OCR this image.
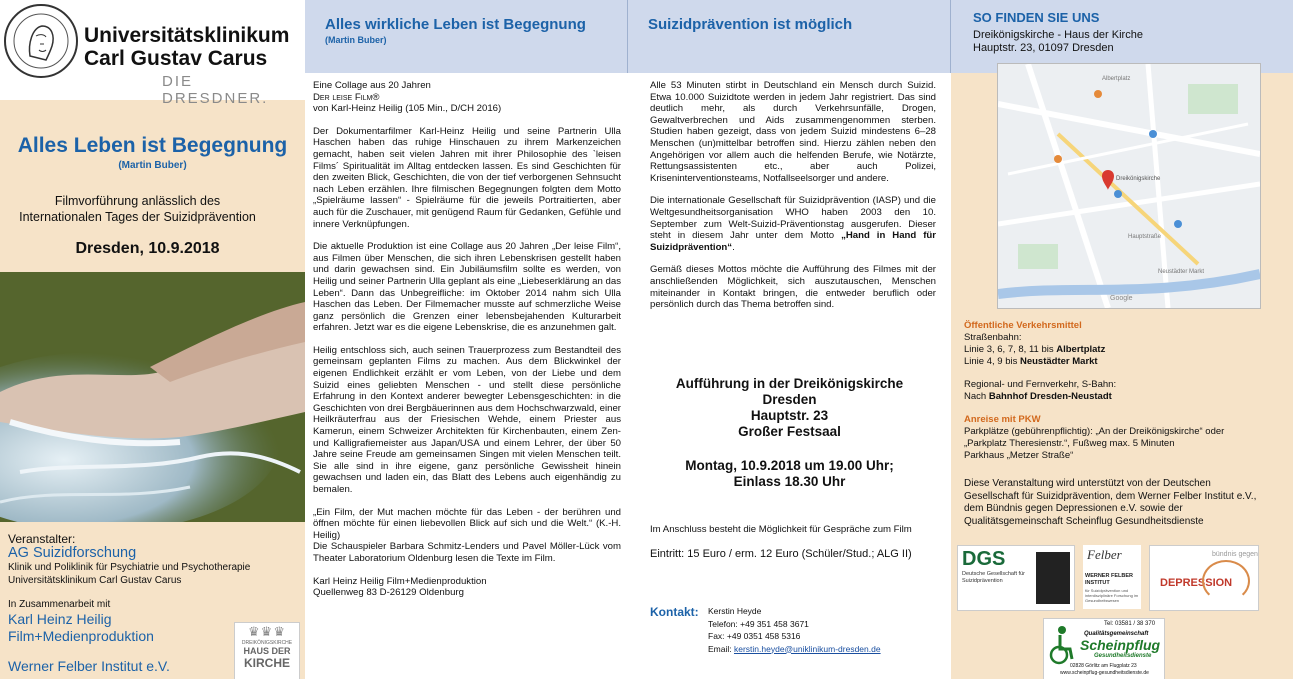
Universitätsklinikum
Carl Gustav Carus
DIE DRESDNER.
Alles Leben ist Begegnung
(Martin Buber)
Filmvorführung anlässlich des
Internationalen Tages der Suizidprävention
Dresden, 10.9.2018
Veranstalter:
AG Suizidforschung
Klinik und Poliklinik für Psychiatrie und Psychotherapie
Universitätsklinikum Carl Gustav Carus
In Zusammenarbeit mit
Karl Heinz Heilig
Film+Medienproduktion
Werner Felber Institut e.V.
♛♛♛
DREIKÖNIGSKIRCHE
HAUS DER
KIRCHE
Alles wirkliche Leben ist Begegnung
(Martin Buber)
Eine Collage aus 20 Jahren
Der leise Film®
von Karl-Heinz Heilig (105 Min., D/CH 2016)

Der Dokumentarfilmer Karl-Heinz Heilig und seine Partnerin Ulla Haschen haben das ruhige Hinschauen zu ihrem Markenzeichen gemacht, haben seit vielen Jahren mit ihrer Philosophie des `leisen Films´ Spiritualität im Alltag entdecken lassen. Es sind Geschichten für den zweiten Blick, Geschichten, die von der tief verborgenen Sehnsucht nach Leben erzählen. Ihre filmischen Begegnungen folgten dem Motto „Spielräume lassen“ - Spielräume für die jeweils Portraitierten, aber auch für die Zuschauer, mit genügend Raum für Gedanken, Gefühle und innere Verknüpfungen.

Die aktuelle Produktion ist eine Collage aus 20 Jahren „Der leise Film“, aus Filmen über Menschen, die sich ihren Lebenskrisen gestellt haben und darin gewachsen sind. Ein Jubiläumsfilm sollte es werden, von Heilig und seiner Partnerin Ulla geplant als eine „Liebeserklärung an das Leben“. Dann das Unbegreifliche: im Oktober 2014 nahm sich Ulla Haschen das Leben. Der Filmemacher musste auf schmerzliche Weise ganz persönlich die Grenzen einer lebensbejahenden Kulturarbeit erfahren. Jetzt war es die eigene Lebenskrise, die es anzunehmen galt.

Heilig entschloss sich, auch seinen Trauerprozess zum Bestandteil des gemeinsam geplanten Films zu machen. Aus dem Blickwinkel der eigenen Endlichkeit erzählt er vom Leben, von der Liebe und dem Suizid eines geliebten Menschen - und stellt diese persönliche Erfahrung in den Kontext anderer bewegter Lebensgeschichten: in die Geschichten von drei Bergbäuerinnen aus dem Hochschwarzwald, einer Heilkräuterfrau aus der Friesischen Wehde, einem Priester aus Kamerun, einem Schweizer Architekten für Kirchenbauten, einem Zen- und Kalligrafiemeister aus Japan/USA und einem Lehrer, der über 50 Jahre seine Freude am gemeinsamen Singen mit vielen Menschen teilt. Sie alle sind in ihre eigene, ganz persönliche Gewissheit hinein gewachsen und laden ein, das Blatt des Lebens auch eigenhändig zu bemalen.

„Ein Film, der Mut machen möchte für das Leben - der berühren und öffnen möchte für einen liebevollen Blick auf sich und die Welt.“ (K.-H. Heilig)

Die Schauspieler Barbara Schmitz-Lenders und Pavel Möller-Lück vom Theater Laboratorium Oldenburg lesen die Texte im Film.

Karl Heinz Heilig Film+Medienproduktion
Quellenweg 83 D-26129 Oldenburg
Suizidprävention ist möglich

Alle 53 Minuten stirbt in Deutschland ein Mensch durch Suizid. Etwa 10.000 Suizidtote werden in jedem Jahr registriert. Das sind deutlich mehr, als durch Verkehrsunfälle, Drogen, Gewaltverbrechen und Aids zusammengenommen sterben. Studien haben gezeigt, dass von jedem Suizid mindestens 6–28 Menschen (un)mittelbar betroffen sind. Hierzu zählen neben den Angehörigen vor allem auch die helfenden Berufe, wie Notärzte, Rettungsassistenten etc., aber auch Polizei, Kriseninterventionsteams, Notfallseelsorger und andere.

Die internationale Gesellschaft für Suizidprävention (IASP) und die Weltgesundheitsorganisation WHO haben 2003 den 10. September zum Welt-Suizid-Präventionstag ausgerufen. Dieser steht in diesem Jahr unter dem Motto „Hand in Hand für Suizidprävention“.

Gemäß dieses Mottos möchte die Aufführung des Filmes mit der anschließenden Möglichkeit, sich auszutauschen, Menschen miteinander in Kontakt bringen, die entweder beruflich oder persönlich durch das Thema betroffen sind.

Aufführung in der Dreikönigskirche
Dresden
Hauptstr. 23
Großer Festsaal
Montag, 10.9.2018 um 19.00 Uhr;
Einlass 18.30 Uhr
Im Anschluss besteht die Möglichkeit für Gespräche zum Film
Eintritt: 15 Euro / erm. 12 Euro (Schüler/Stud.; ALG II)
Kontakt: Kerstin Heyde
Telefon: +49 351 458 3671
Fax: +49 0351 458 5316
Email: kerstin.heyde@uniklinikum-dresden.de
SO FINDEN SIE UNS
Dreikönigskirche - Haus der Kirche
Hauptstr. 23, 01097 Dresden
Albertplatz
Dreikönigskirche
Hauptstraße
Neustädter Markt
Google
Öffentliche Verkehrsmittel
Straßenbahn:
Linie 3, 6, 7, 8, 11 bis Albertplatz
Linie 4, 9 bis Neustädter Markt
Regional- und Fernverkehr, S-Bahn:
Nach Bahnhof Dresden-Neustadt
Anreise mit PKW
Parkplätze (gebührenpflichtig): „An der Dreikönigskirche“ oder
„Parkplatz Theresienstr.“, Fußweg max. 5 Minuten
Parkhaus „Metzer Straße“
Diese Veranstaltung wird unterstützt von der Deutschen Gesellschaft für Suizidprävention, dem Werner Felber Institut e.V., dem Bündnis gegen Depressionen e.V. sowie der Qualitätsgemeinschaft Scheinflug Gesundheitsdienste
DGS
Deutsche Gesellschaft für Suizidprävention
Felber
WERNER FELBER INSTITUT
für Suizidprävention und interdisziplinäre Forschung im Gesundheitswesen
bündnis gegen
DEPRESSION
Tel: 03581 / 38 370
Qualitätsgemeinschaft
Scheinpflug
Gesundheitsdienste
02828 Görlitz am Flugplatz 23
www.scheinpflug-gesundheitsdienste.de
